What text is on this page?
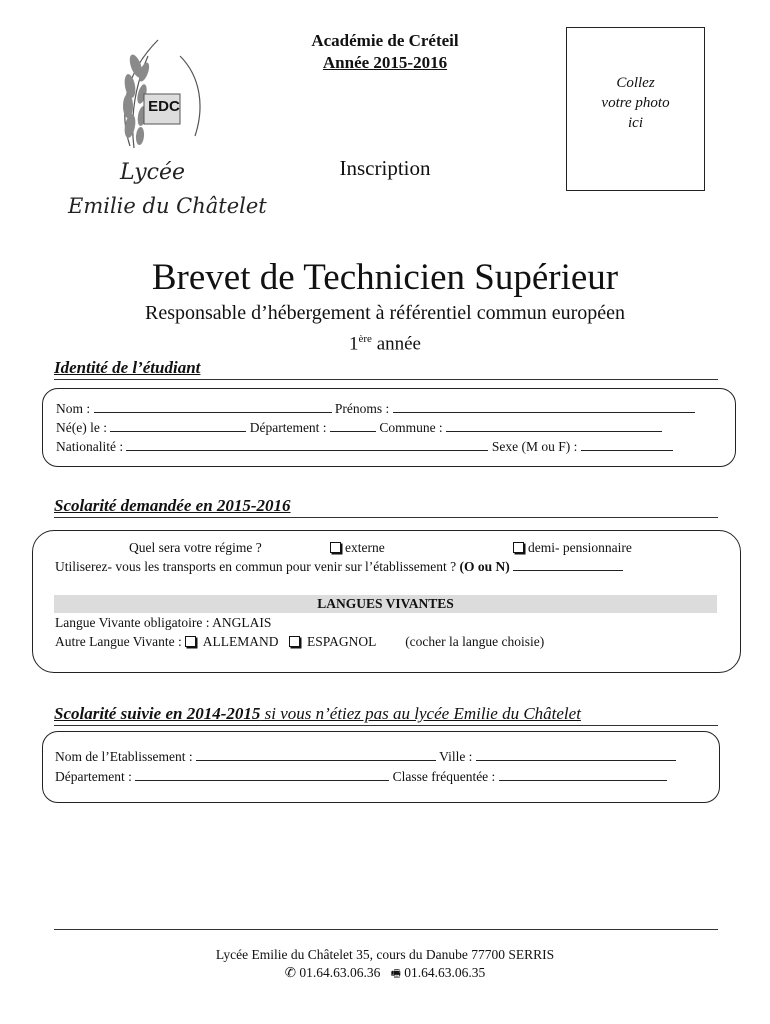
EDC
Lycée
Emilie du Châtelet
Académie de Créteil
Année 2015-2016
Collez
votre photo
ici
Inscription
Brevet de Technicien Supérieur
Responsable d’hébergement à référentiel commun européen
1ère année
Identité de l’étudiant
Nom :	Prénoms :
Né(e) le :	Département :	Commune :
Nationalité :	Sexe (M ou F) :
Scolarité demandée en 2015-2016
Quel sera votre régime ?	externe	demi- pensionnaire
Utiliserez- vous les transports en commun pour venir sur l’établissement ? (O ou N)
Langue Vivante obligatoire : ANGLAIS
Autre Langue Vivante : ALLEMAND ESPAGNOL (cocher la langue choisie)
LANGUES VIVANTES
Scolarité suivie en 2014-2015 si vous n’étiez pas au lycée Emilie du Châtelet
Nom de l’Etablissement :	Ville :
Département :	Classe fréquentée :
Lycée Emilie du Châtelet 35, cours du Danube 77700 SERRIS
✆ 01.64.63.06.36 🖷 01.64.63.06.35
